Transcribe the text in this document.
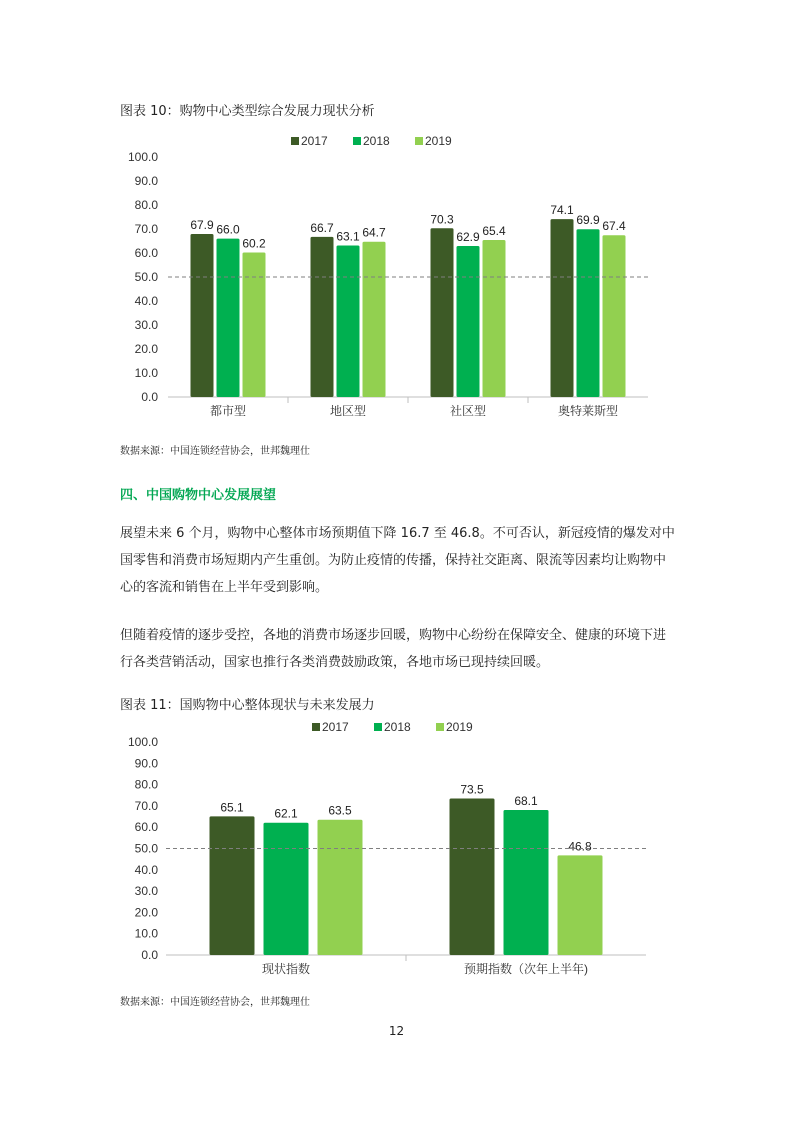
图表 10：购物中心类型综合发展力现状分析
2017	2018	2019
0.0
10.0
20.0
30.0
40.0
50.0
60.0
70.0
80.0
90.0
100.0
67.9 66.0
60.2
都市型
66.7
63.1 64.7
地区型
70.3
62.9 65.4
社区型
74.1
69.9 67.4
奥特莱斯型
数据来源：中国连锁经营协会，世邦魏理仕
四、中国购物中心发展展望
展望未来 6 个月，购物中心整体市场预期值下降 16.7 至 46.8。不可否认，新冠疫情的爆发对中国零售和消费市场短期内产生重创。为防止疫情的传播，保持社交距离、限流等因素均让购物中心的客流和销售在上半年受到影响。
但随着疫情的逐步受控，各地的消费市场逐步回暖，购物中心纷纷在保障安全、健康的环境下进行各类营销活动，国家也推行各类消费鼓励政策，各地市场已现持续回暖。
图表 11：国购物中心整体现状与未来发展力
2017	2018	2019
0.0
10.0
20.0
30.0
40.0
50.0
60.0
70.0
80.0
90.0
100.0
65.1	62.1	63.5
现状指数
73.5
68.1
46.8
预期指数（次年上半年)
数据来源：中国连锁经营协会，世邦魏理仕
12
